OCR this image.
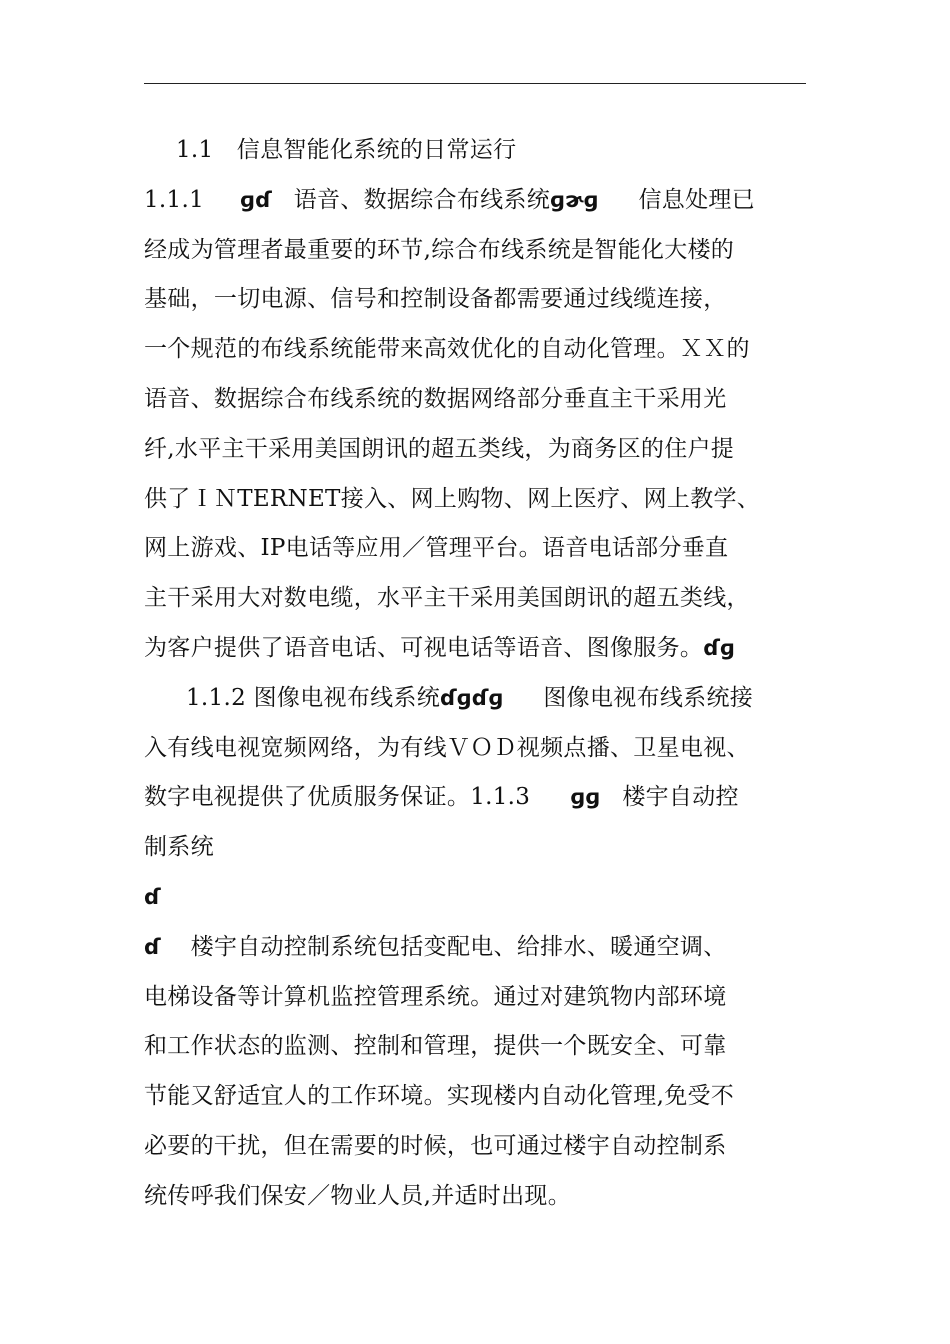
1.1　信息智能化系统的日常运行
1.1.1 ɡɗ 语音、数据综合布线系统ɡɚɡ 信息处理已
经成为管理者最重要的环节,综合布线系统是智能化大楼的
基础，一切电源、信号和控制设备都需要通过线缆连接，
一个规范的布线系统能带来高效优化的自动化管理。ＸＸ的
语音、数据综合布线系统的数据网络部分垂直主干采用光
纤,水平主干采用美国朗讯的超五类线，为商务区的住户提
供了ＩＮTERNET接入、网上购物、网上医疗、网上教学、
网上游戏、IP电话等应用／管理平台。语音电话部分垂直
主干采用大对数电缆，水平主干采用美国朗讯的超五类线，
为客户提供了语音电话、可视电话等语音、图像服务。ɗɡ
1.1.2 图像电视布线系统ɗɡɗɡ 图像电视布线系统接
入有线电视宽频网络，为有线ＶＯＤ视频点播、卫星电视、
数字电视提供了优质服务保证。1.1.3 ɡɡ 楼宇自动控
制系统
ɗ
ɗ 楼宇自动控制系统包括变配电、给排水、暖通空调、
电梯设备等计算机监控管理系统。通过对建筑物内部环境
和工作状态的监测、控制和管理，提供一个既安全、可靠
节能又舒适宜人的工作环境。实现楼内自动化管理,免受不
必要的干扰，但在需要的时候，也可通过楼宇自动控制系
统传呼我们保安／物业人员,并适时出现。
